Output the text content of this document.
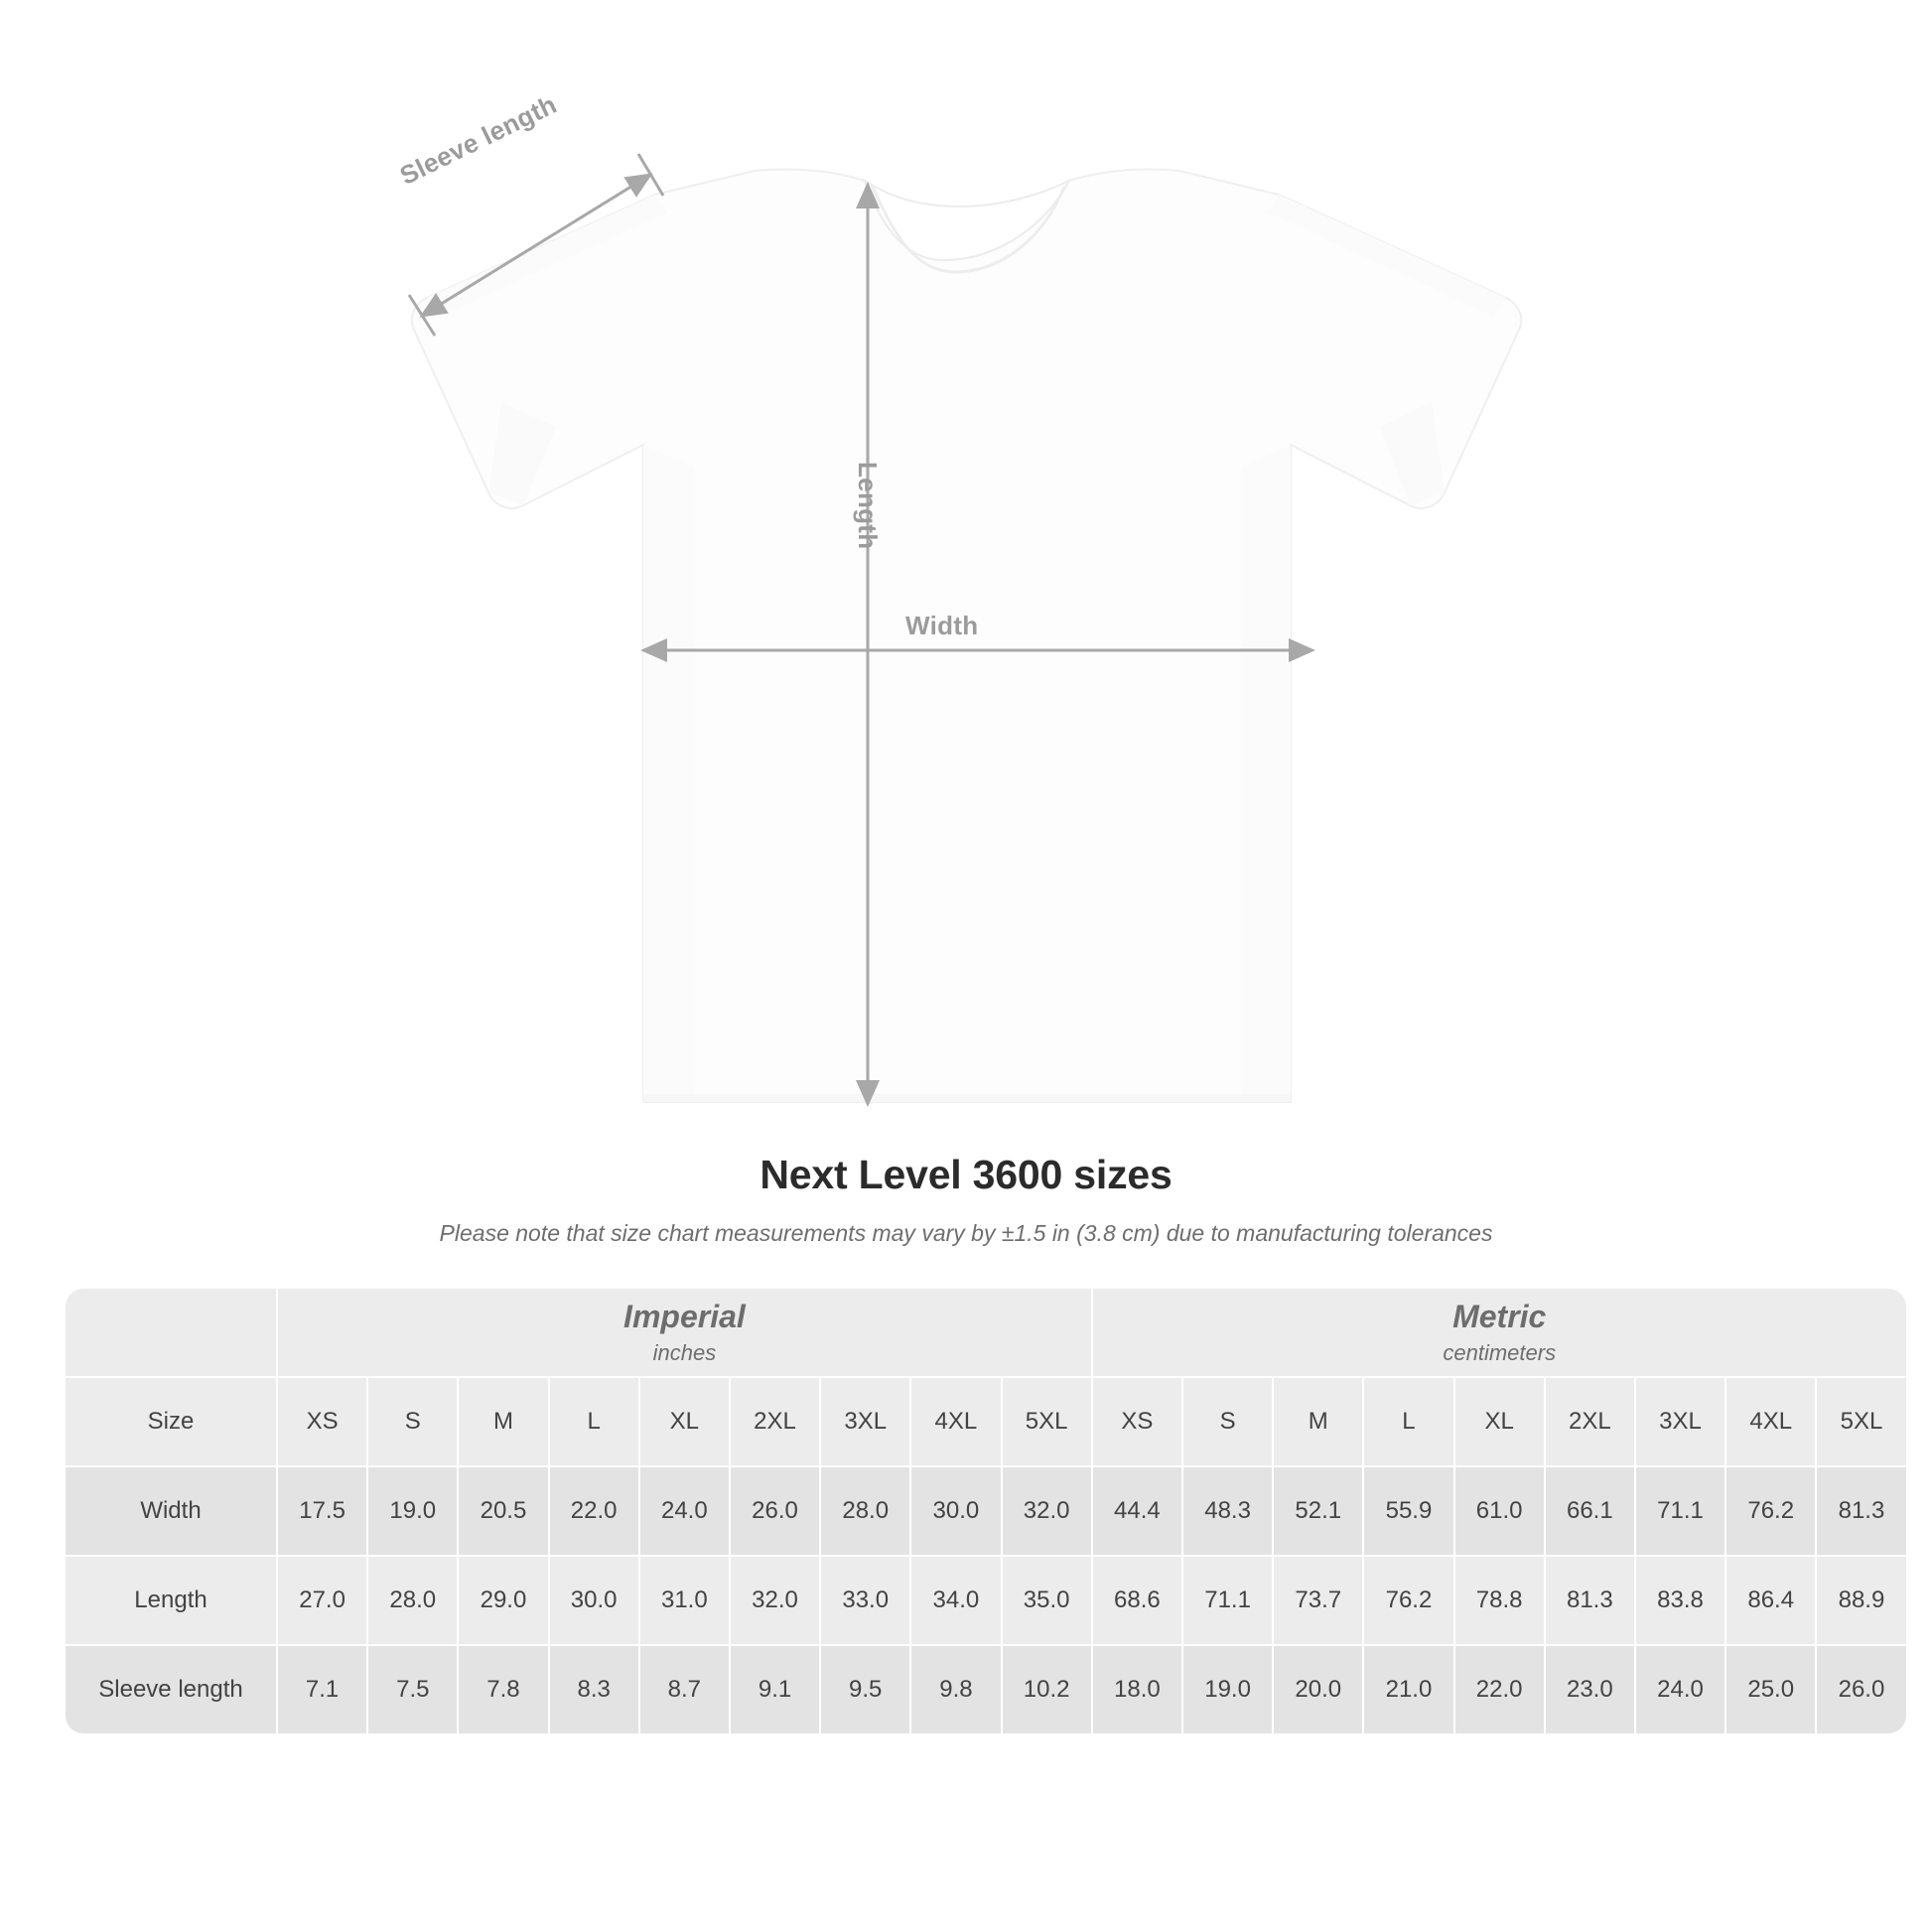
Sleeve length
Length
Width
Next Level 3600 sizes
Please note that size chart measurements may vary by ±1.5 in (3.8 cm) due to manufacturing tolerances

	Imperial
inches									Metric
centimeters								

Size	XS	S	M	L	XL	2XL	3XL	4XL	5XL	XS	S	M	L	XL	2XL	3XL	4XL	5XL
Width	17.5	19.0	20.5	22.0	24.0	26.0	28.0	30.0	32.0	44.4	48.3	52.1	55.9	61.0	66.1	71.1	76.2	81.3
Length	27.0	28.0	29.0	30.0	31.0	32.0	33.0	34.0	35.0	68.6	71.1	73.7	76.2	78.8	81.3	83.8	86.4	88.9
Sleeve length	7.1	7.5	7.8	8.3	8.7	9.1	9.5	9.8	10.2	18.0	19.0	20.0	21.0	22.0	23.0	24.0	25.0	26.0
